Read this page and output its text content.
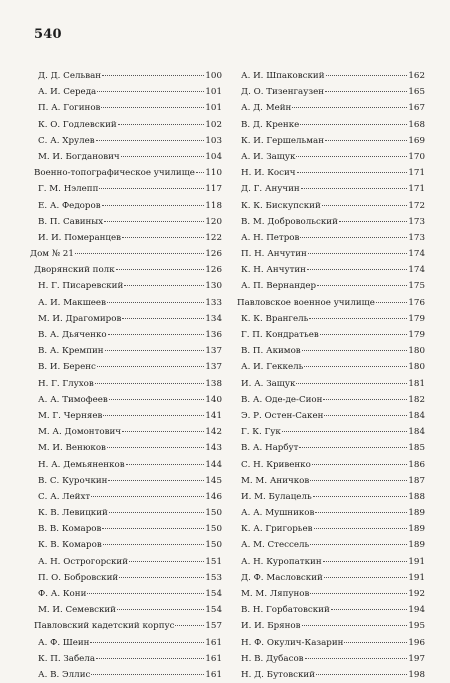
540
Д. Д. Сельван	100
А. И. Середа	101
П. А. Гогинов	101
К. О. Годлевский	102
С. А. Хрулев	103
М. И. Богданович	104
Военно-топографическое училище 110
Г. М. Нэлепп	117
Е. А. Федоров	118
В. П. Савиных	120
И. И. Померанцев	122
Дом № 21	126
Дворянский полк	126
Н. Г. Писаревский	130
А. И. Макшеев	133
М. И. Драгомиров	134
В. А. Дьяченко	136
В. А. Кремпин	137
В. И. Беренс	137
Н. Г. Глухов	138
А. А. Тимофеев	140
М. Г. Черняев	141
М. А. Домонтович	142
М. И. Венюков	143
Н. А. Демьяненков	144
В. С. Курочкин	145
С. А. Лейхт	146
К. В. Левицкий	150
В. В. Комаров	150
К. В. Комаров	150
А. Н. Острогорский	151
П. О. Бобровский	153
Ф. А. Кони	154
М. И. Семевский	154
Павловский кадетский корпус	157
А. Ф. Шеин	161
К. П. Забела	161
А. В. Эллис	161
А. И. Шпаковский	162
Д. О. Тизенгаузен	165
А. Д. Мейн	167
В. Д. Кренке	168
К. И. Гершельман	169
А. И. Защук	170
Н. И. Косич	171
Д. Г. Анучин	171
К. К. Бискупский	172
В. М. Добровольский	173
А. Н. Петров	173
П. Н. Анчутин	174
К. Н. Анчутин	174
А. П. Вернандер	175
Павловское военное училище	176
К. К. Врангель	179
Г. П. Кондратьев	179
В. П. Акимов	180
А. И. Геккель	180
И. А. Защук	181
В. А. Оде-де-Сион	182
Э. Р. Остен-Сакен	184
Г. К. Гук	184
В. А. Нарбут	185
С. Н. Кривенко	186
М. М. Аничков	187
И. М. Булацель	188
А. А. Мушников	189
К. А. Григорьев	189
А. М. Стессель	189
А. Н. Куропаткин	191
Д. Ф. Масловский	191
М. М. Ляпунов	192
В. Н. Горбатовский	194
И. И. Брянов	195
Н. Ф. Окулич-Казарин	196
Н. В. Дубасов	197
Н. Д. Бутовский	198
